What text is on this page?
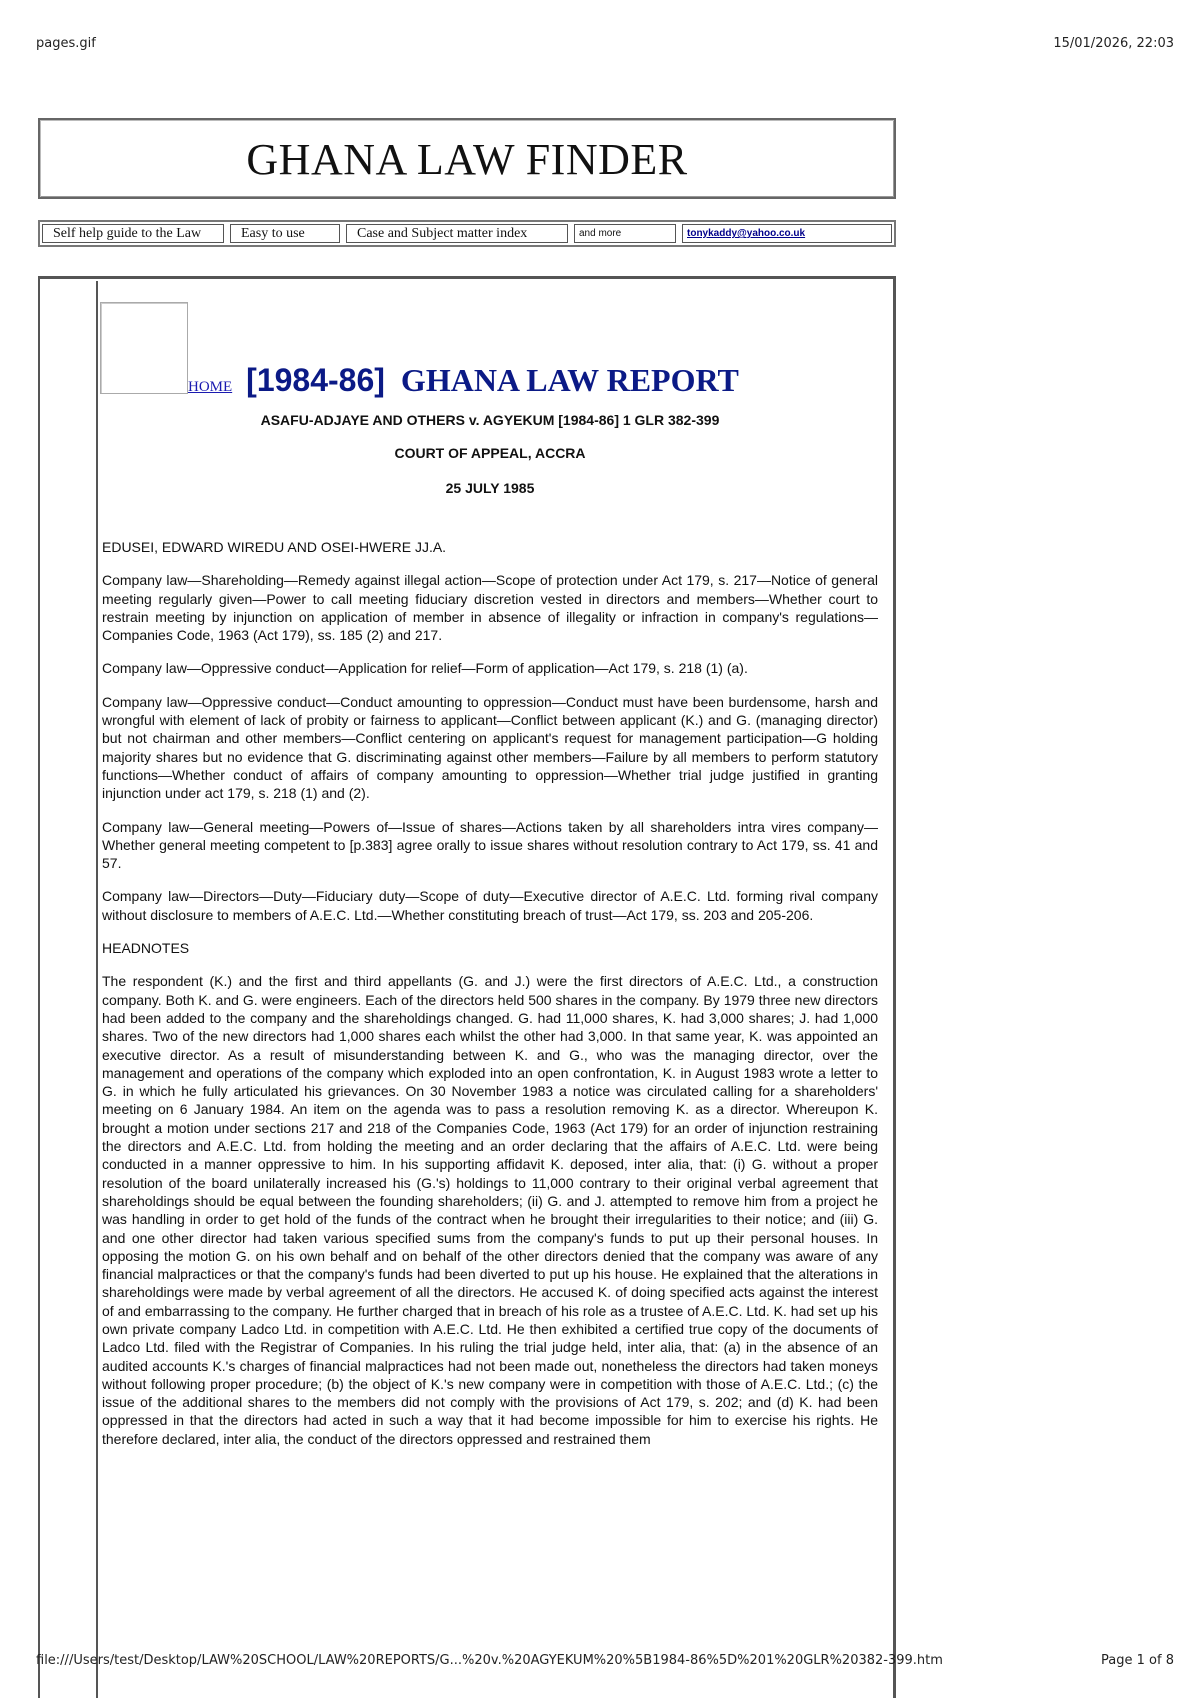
pages.gif	15/01/2026, 22:03
GHANA LAW FINDER
Self help guide to the Law	Easy to use	Case and Subject matter index	and more	tonykaddy@yahoo.co.uk
HOME [1984-86] GHANA LAW REPORT
ASAFU-ADJAYE AND OTHERS v. AGYEKUM [1984-86] 1 GLR 382-399
COURT OF APPEAL, ACCRA
25 JULY 1985

EDUSEI, EDWARD WIREDU AND OSEI-HWERE JJ.A.

Company law—Shareholding—Remedy against illegal action—Scope of protection under Act 179, s. 217—Notice of general meeting regularly given—Power to call meeting fiduciary discretion vested in directors and members—Whether court to restrain meeting by injunction on application of member in absence of illegality or infraction in company's regulations—Companies Code, 1963 (Act 179), ss. 185 (2) and 217.

Company law—Oppressive conduct—Application for relief—Form of application—Act 179, s. 218 (1) (a).

Company law—Oppressive conduct—Conduct amounting to oppression—Conduct must have been burdensome, harsh and wrongful with element of lack of probity or fairness to applicant—Conflict between applicant (K.) and G. (managing director) but not chairman and other members—Conflict centering on applicant's request for management participation—G holding majority shares but no evidence that G. discriminating against other members—Failure by all members to perform statutory functions—Whether conduct of affairs of company amounting to oppression—Whether trial judge justified in granting injunction under act 179, s. 218 (1) and (2).

Company law—General meeting—Powers of—Issue of shares—Actions taken by all shareholders intra vires company—Whether general meeting competent to [p.383] agree orally to issue shares without resolution contrary to Act 179, ss. 41 and 57.

Company law—Directors—Duty—Fiduciary duty—Scope of duty—Executive director of A.E.C. Ltd. forming rival company without disclosure to members of A.E.C. Ltd.—Whether constituting breach of trust—Act 179, ss. 203 and 205-206.

HEADNOTES

The respondent (K.) and the first and third appellants (G. and J.) were the first directors of A.E.C. Ltd., a construction company. Both K. and G. were engineers. Each of the directors held 500 shares in the company. By 1979 three new directors had been added to the company and the shareholdings changed. G. had 11,000 shares, K. had 3,000 shares; J. had 1,000 shares. Two of the new directors had 1,000 shares each whilst the other had 3,000. In that same year, K. was appointed an executive director. As a result of misunderstanding between K. and G., who was the managing director, over the management and operations of the company which exploded into an open confrontation, K. in August 1983 wrote a letter to G. in which he fully articulated his grievances. On 30 November 1983 a notice was circulated calling for a shareholders' meeting on 6 January 1984. An item on the agenda was to pass a resolution removing K. as a director. Whereupon K. brought a motion under sections 217 and 218 of the Companies Code, 1963 (Act 179) for an order of injunction restraining the directors and A.E.C. Ltd. from holding the meeting and an order declaring that the affairs of A.E.C. Ltd. were being conducted in a manner oppressive to him. In his supporting affidavit K. deposed, inter alia, that: (i) G. without a proper resolution of the board unilaterally increased his (G.'s) holdings to 11,000 contrary to their original verbal agreement that shareholdings should be equal between the founding shareholders; (ii) G. and J. attempted to remove him from a project he was handling in order to get hold of the funds of the contract when he brought their irregularities to their notice; and (iii) G. and one other director had taken various specified sums from the company's funds to put up their personal houses. In opposing the motion G. on his own behalf and on behalf of the other directors denied that the company was aware of any financial malpractices or that the company's funds had been diverted to put up his house. He explained that the alterations in shareholdings were made by verbal agreement of all the directors. He accused K. of doing specified acts against the interest of and embarrassing to the company. He further charged that in breach of his role as a trustee of A.E.C. Ltd. K. had set up his own private company Ladco Ltd. in competition with A.E.C. Ltd. He then exhibited a certified true copy of the documents of Ladco Ltd. filed with the Registrar of Companies. In his ruling the trial judge held, inter alia, that: (a) in the absence of an audited accounts K.'s charges of financial malpractices had not been made out, nonetheless the directors had taken moneys without following proper procedure; (b) the object of K.'s new company were in competition with those of A.E.C. Ltd.; (c) the issue of the additional shares to the members did not comply with the provisions of Act 179, s. 202; and (d) K. had been oppressed in that the directors had acted in such a way that it had become impossible for him to exercise his rights. He therefore declared, inter alia, the conduct of the directors oppressed and restrained them

file:///Users/test/Desktop/LAW%20SCHOOL/LAW%20REPORTS/G...%20v.%20AGYEKUM%20%5B1984-86%5D%201%20GLR%20382-399.htm	Page 1 of 8
